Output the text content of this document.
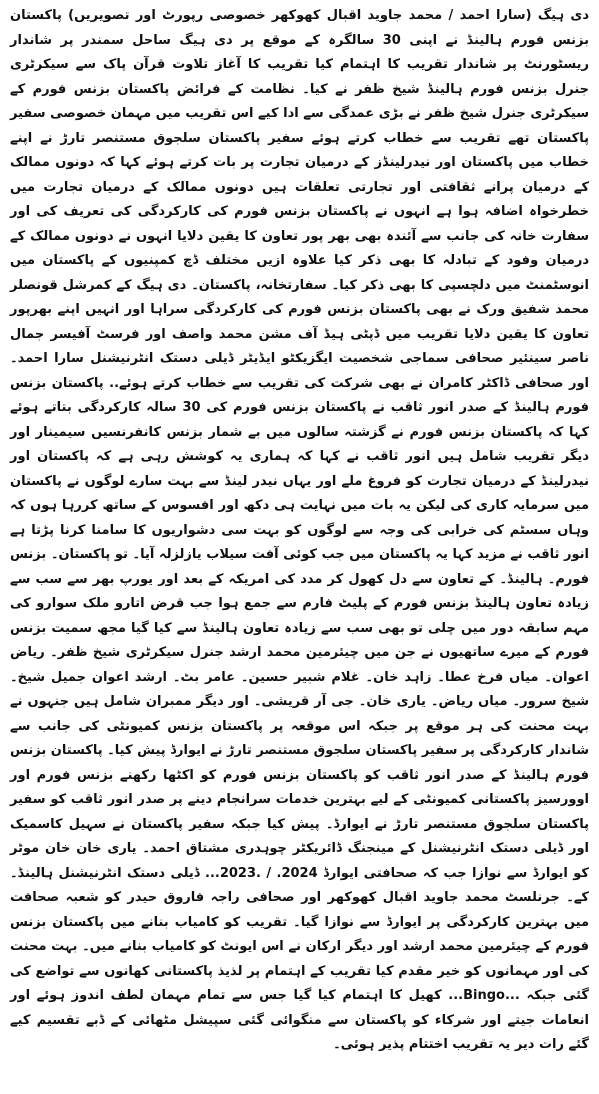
دی ہیگ (سارا احمد / محمد جاوید اقبال کھوکھر خصوصی رپورٹ اور تصویریں) پاکستان بزنس فورم ہالینڈ نے اپنی 30 سالگرہ کے موقع پر دی ہیگ ساحل سمندر پر شاندار ریسٹورنٹ پر شاندار تقریب کا اہتمام کیا تقریب کا آغاز تلاوت قرآن پاک سے سیکرٹری جنرل بزنس فورم ہالینڈ شیخ ظفر نے کیا۔ نظامت کے فرائض پاکستان بزنس فورم کے سیکرٹری جنرل شیخ ظفر نے بڑی عمدگی سے ادا کیے اس تقریب میں مہمان خصوصی سفیر پاکستان تھے تقریب سے خطاب کرتے ہوئے سفیر پاکستان سلجوق مستنصر تارڑ نے اپنے خطاب میں پاکستان اور نیدرلینڈز کے درمیان تجارت پر بات کرتے ہوئے کہا کہ دونوں ممالک کے درمیان پرانے ثقافتی اور تجارتی تعلقات ہیں دونوں ممالک کے درمیان تجارت میں خطرخواہ اضافہ ہوا ہے انہوں نے پاکستان بزنس فورم کی کارکردگی کی تعریف کی اور سفارت خانہ کی جانب سے آئندہ بھی بھر پور تعاون کا یقین دلایا انہوں نے دونوں ممالک کے درمیان وفود کے تبادلہ کا بھی ذکر کیا علاوہ ازیں مختلف ڈچ کمپنیوں کے پاکستان میں انوسٹمنٹ میں دلچسپی کا بھی ذکر کیا۔ سفارتخانہ، پاکستان۔ دی ہیگ کے کمرشل قونصلر محمد شفیق ورک نے بھی پاکستان بزنس فورم کی کارکردگی سراہا اور انہیں اپنے بھرپور تعاون کا یقین دلایا تقریب میں ڈپٹی ہیڈ آف مشن محمد واصف اور فرسٹ آفیسر جمال ناصر سینئیر صحافی سماجی شخصیت ایگزیکٹو ایڈیٹر ڈیلی دستک انٹرنیشنل سارا احمد۔ اور صحافی ڈاکٹر کامران نے بھی شرکت کی تقریب سے خطاب کرتے ہوئے.. پاکستان بزنس فورم ہالینڈ کے صدر انور ثاقب نے پاکستان بزنس فورم کی 30 سالہ کارکردگی بتاتے ہوئے کہا کہ پاکستان بزنس فورم نے گزشتہ سالوں میں بے شمار بزنس کانفرنسیں سیمینار اور دیگر تقریب شامل ہیں انور ثاقب نے کہا کہ ہماری یہ کوشش رہی ہے کہ پاکستان اور نیدرلینڈ کے درمیان تجارت کو فروغ ملے اور یہاں نیدر لینڈ سے بہت سارے لوگوں نے پاکستان میں سرمایہ کاری کی لیکن یہ بات میں نہایت ہی دکھ اور افسوس کے ساتھ کررہا ہوں کہ وہاں سسٹم کی خرابی کی وجہ سے لوگوں کو بہت سی دشواریوں کا سامنا کرنا پڑتا ہے انور ثاقب نے مزید کہا یہ پاکستان میں جب کوئی آفت سیلاب یازلزلہ آیا۔ تو پاکستان۔ بزنس فورم۔ ہالینڈ۔ کے تعاون سے دل کھول کر مدد کی امریکہ کے بعد اور یورپ بھر سے سب سے زیادہ تعاون ہالینڈ بزنس فورم کے پلیٹ فارم سے جمع ہوا جب قرض اتارو ملک سوارو کی مہم سابقہ دور میں چلی تو بھی سب سے زیادہ تعاون ہالینڈ سے کیا گیا مجھ سمیت بزنس فورم کے میرے ساتھیوں نے جن میں چیئرمین محمد ارشد جنرل سیکرٹری شیخ ظفر۔ ریاض اعوان۔ میاں فرخ عطا۔ زاہد خان۔ غلام شبیر حسین۔ عامر بٹ۔ ارشد اعوان جمیل شیخ۔ شیخ سرور۔ میاں ریاض۔ یاری خان۔ جی آر قریشی۔ اور دیگر ممبران شامل ہیں جنہوں نے بہت محنت کی ہر موقع پر جبکہ اس موقعہ پر پاکستان بزنس کمیونٹی کی جانب سے شاندار کارکردگی پر سفیر پاکستان سلجوق مستنصر تارڑ نے ایوارڈ پیش کیا۔ پاکستان بزنس فورم ہالینڈ کے صدر انور ثاقب کو پاکستان بزنس فورم کو اکٹھا رکھنے بزنس فورم اور اوورسیز پاکستانی کمیونٹی کے لیے بہترین خدمات سرانجام دینے پر صدر انور ثاقب کو سفیر پاکستان سلجوق مستنصر تارڑ نے ایوارڈ۔ پیش کیا جبکہ سفیر پاکستان نے سہیل کاسمیک اور ڈیلی دستک انٹرنیشنل کے مینجنگ ڈائریکٹر چوہدری مشتاق احمد۔ یاری خان خان موٹر کو ایوارڈ سے نوازا جب کہ صحافتی ایوارڈ 2024. / .2023... ڈیلی دستک انٹرنیشنل ہالینڈ۔ کے۔ جرنلسٹ محمد جاوید اقبال کھوکھر اور صحافی راجہ فاروق حیدر کو شعبہ صحافت میں بہترین کارکردگی پر ایوارڈ سے نوازا گیا۔ تقریب کو کامیاب بنانے میں پاکستان بزنس فورم کے چیئرمین محمد ارشد اور دیگر ارکان نے اس ایونٹ کو کامیاب بنانے میں۔ بہت محنت کی اور مہمانوں کو خیر مقدم کیا تقریب کے اہتمام پر لذیذ پاکستانی کھانوں سے تواضع کی گئی جبکہ ...Bingo... کھیل کا اہتمام کیا گیا جس سے تمام مہمان لطف اندوز ہوئے اور انعامات جیتے اور شرکاء کو پاکستان سے منگوائی گئی سپیشل مٹھائی کے ڈبے تقسیم کیے گئے رات دیر یہ تقریب اختتام پذیر ہوئی۔
